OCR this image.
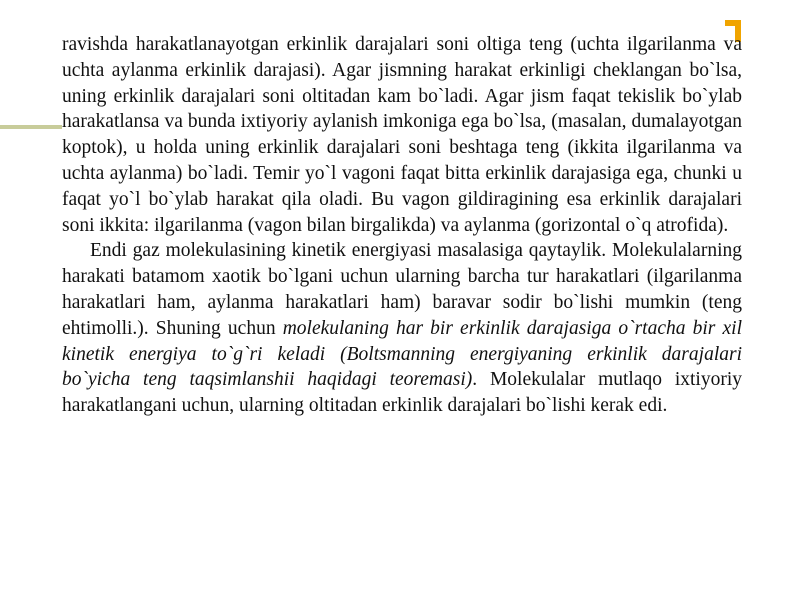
ravishda harakatlanayotgan erkinlik darajalari soni oltiga teng (uchta ilgarilanma va uchta aylanma erkinlik darajasi). Agar jismning harakat erkinligi cheklangan bo`lsa, uning erkinlik darajalari soni oltitadan kam bo`ladi. Agar jism faqat tekislik bo`ylab harakatlansa va bunda ixtiyoriy aylanish imkoniga ega bo`lsa, (masalan, dumalayotgan koptok), u holda uning erkinlik darajalari soni beshtaga teng (ikkita ilgarilanma va uchta aylanma) bo`ladi. Temir yo`l vagoni faqat bitta erkinlik darajasiga ega, chunki u faqat yo`l bo`ylab harakat qila oladi. Bu vagon gildiragining esa erkinlik darajalari soni ikkita: ilgarilanma (vagon bilan birgalikda) va aylanma (gorizontal o`q atrofida).

Endi gaz molekulasining kinetik energiyasi masalasiga qaytaylik. Molekulalarning harakati batamom xaotik bo`lgani uchun ularning barcha tur harakatlari (ilgarilanma harakatlari ham, aylanma harakatlari ham) baravar sodir bo`lishi mumkin (teng ehtimolli.). Shuning uchun molekulaning har bir erkinlik darajasiga o`rtacha bir xil kinetik energiya to`g`ri keladi (Boltsmanning energiyaning erkinlik darajalari bo`yicha teng taqsimlanshii haqidagi teoremasi). Molekulalar mutlaqo ixtiyoriy harakatlangani uchun, ularning oltitadan erkinlik darajalari bo`lishi kerak edi.
